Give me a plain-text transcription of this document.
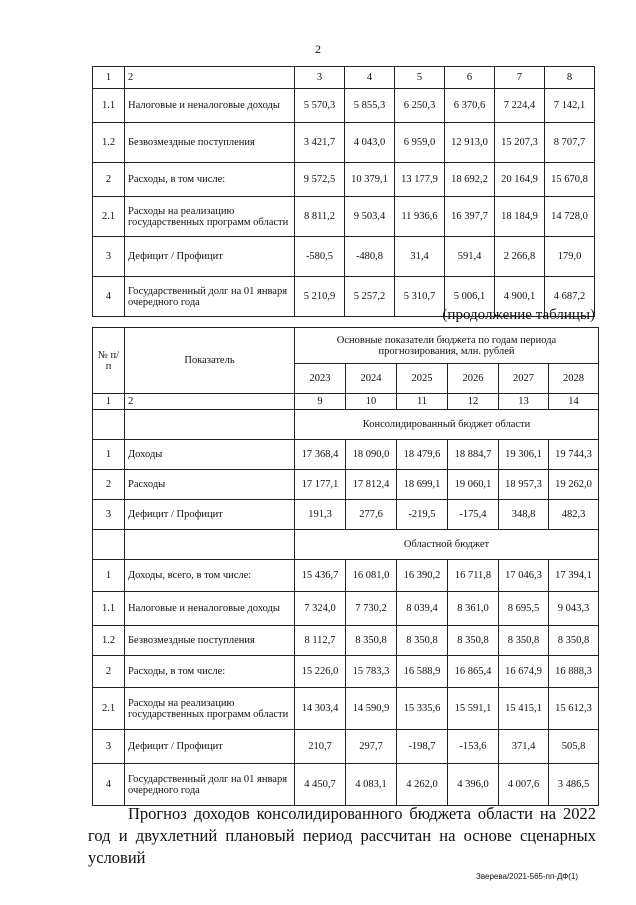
2
1	2	3	4	5	6	7	8
1.1	Налоговые и неналоговые доходы	5 570,3	5 855,3	6 250,3	6 370,6	7 224,4	7 142,1
1.2	Безвозмездные поступления	3 421,7	4 043,0	6 959,0	12 913,0	15 207,3	8 707,7
2	Расходы, в том числе:	9 572,5	10 379,1	13 177,9	18 692,2	20 164,9	15 670,8
2.1	Расходы на реализацию государственных программ области	8 811,2	9 503,4	11 936,6	16 397,7	18 184,9	14 728,0
3	Дефицит / Профицит	-580,5	-480,8	31,4	591,4	2 266,8	179,0
4	Государственный долг на 01 января очередного года	5 210,9	5 257,2	5 310,7	5 006,1	4 900,1	4 687,2
(продолжение таблицы)
№ п/п	Показатель	Основные показатели бюджета по годам периода прогнозирования, млн. рублей					
		2023	2024	2025	2026	2027	2028
1	2	9	10	11	12	13	14
		Консолидированный бюджет области					
1	Доходы	17 368,4	18 090,0	18 479,6	18 884,7	19 306,1	19 744,3
2	Расходы	17 177,1	17 812,4	18 699,1	19 060,1	18 957,3	19 262,0
3	Дефицит / Профицит	191,3	277,6	-219,5	-175,4	348,8	482,3
		Областной бюджет					
1	Доходы, всего, в том числе:	15 436,7	16 081,0	16 390,2	16 711,8	17 046,3	17 394,1
1.1	Налоговые и неналоговые доходы	7 324,0	7 730,2	8 039,4	8 361,0	8 695,5	9 043,3
1.2	Безвозмездные поступления	8 112,7	8 350,8	8 350,8	8 350,8	8 350,8	8 350,8
2	Расходы, в том числе:	15 226,0	15 783,3	16 588,9	16 865,4	16 674,9	16 888,3
2.1	Расходы на реализацию государственных программ области	14 303,4	14 590,9	15 335,6	15 591,1	15 415,1	15 612,3
3	Дефицит / Профицит	210,7	297,7	-198,7	-153,6	371,4	505,8
4	Государственный долг на 01 января очередного года	4 450,7	4 083,1	4 262,0	4 396,0	4 007,6	3 486,5
Прогноз доходов консолидированного бюджета области на 2022 год и двухлетний плановый период рассчитан на основе сценарных условий
Зверева/2021-565-пп-ДФ(1)
